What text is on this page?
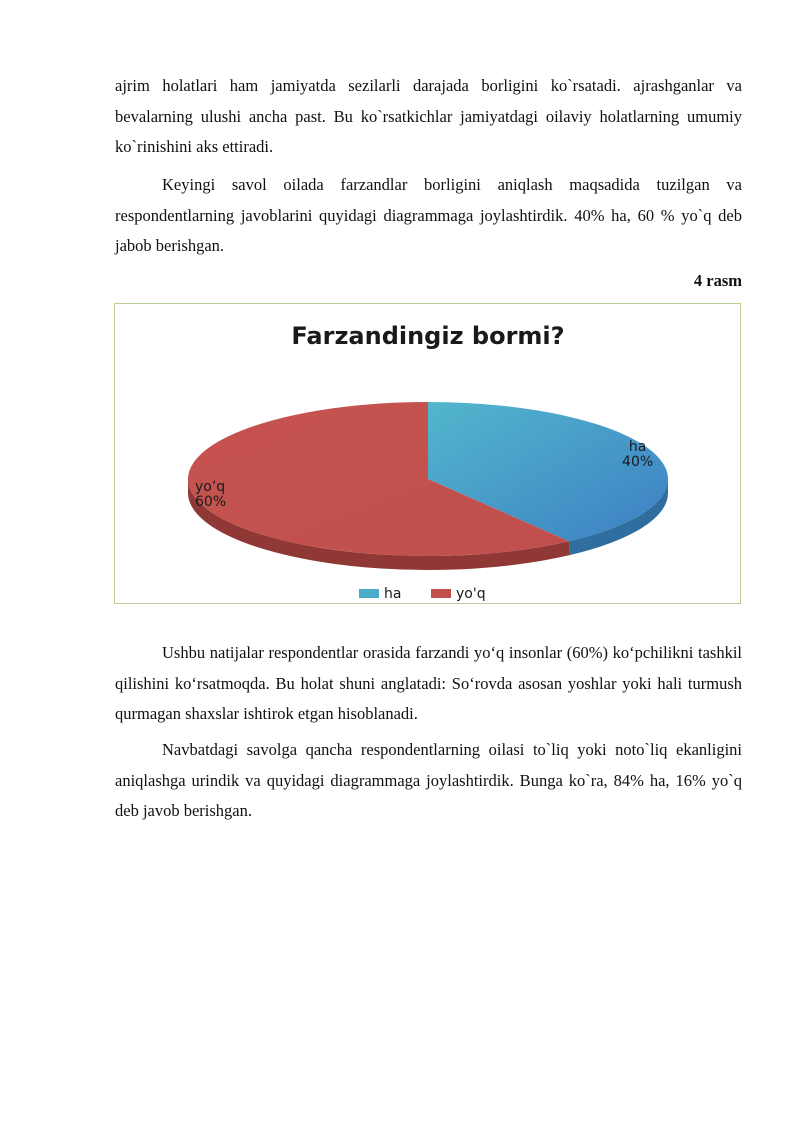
ajrim holatlari ham jamiyatda sezilarli darajada borligini ko`rsatadi. ajrashganlar va bevalarning ulushi ancha past. Bu ko`rsatkichlar jamiyatdagi oilaviy holatlarning umumiy ko`rinishini aks ettiradi.

Keyingi savol oilada farzandlar borligini aniqlash maqsadida tuzilgan va respondentlarning javoblarini quyidagi diagrammaga joylashtirdik. 40% ha, 60 % yo`q deb jabob berishgan.

4 rasm
Farzandingiz bormi?
ha 40%
yo‘q 60%
ha	yo'q

Ushbu natijalar respondentlar orasida farzandi yo‘q insonlar (60%) ko‘pchilikni tashkil qilishini ko‘rsatmoqda. Bu holat shuni anglatadi: So‘rovda asosan yoshlar yoki hali turmush qurmagan shaxslar ishtirok etgan hisoblanadi.

Navbatdagi savolga qancha respondentlarning oilasi to`liq yoki noto`liq ekanligini aniqlashga urindik va quyidagi diagrammaga joylashtirdik. Bunga ko`ra, 84% ha, 16% yo`q deb javob berishgan.
